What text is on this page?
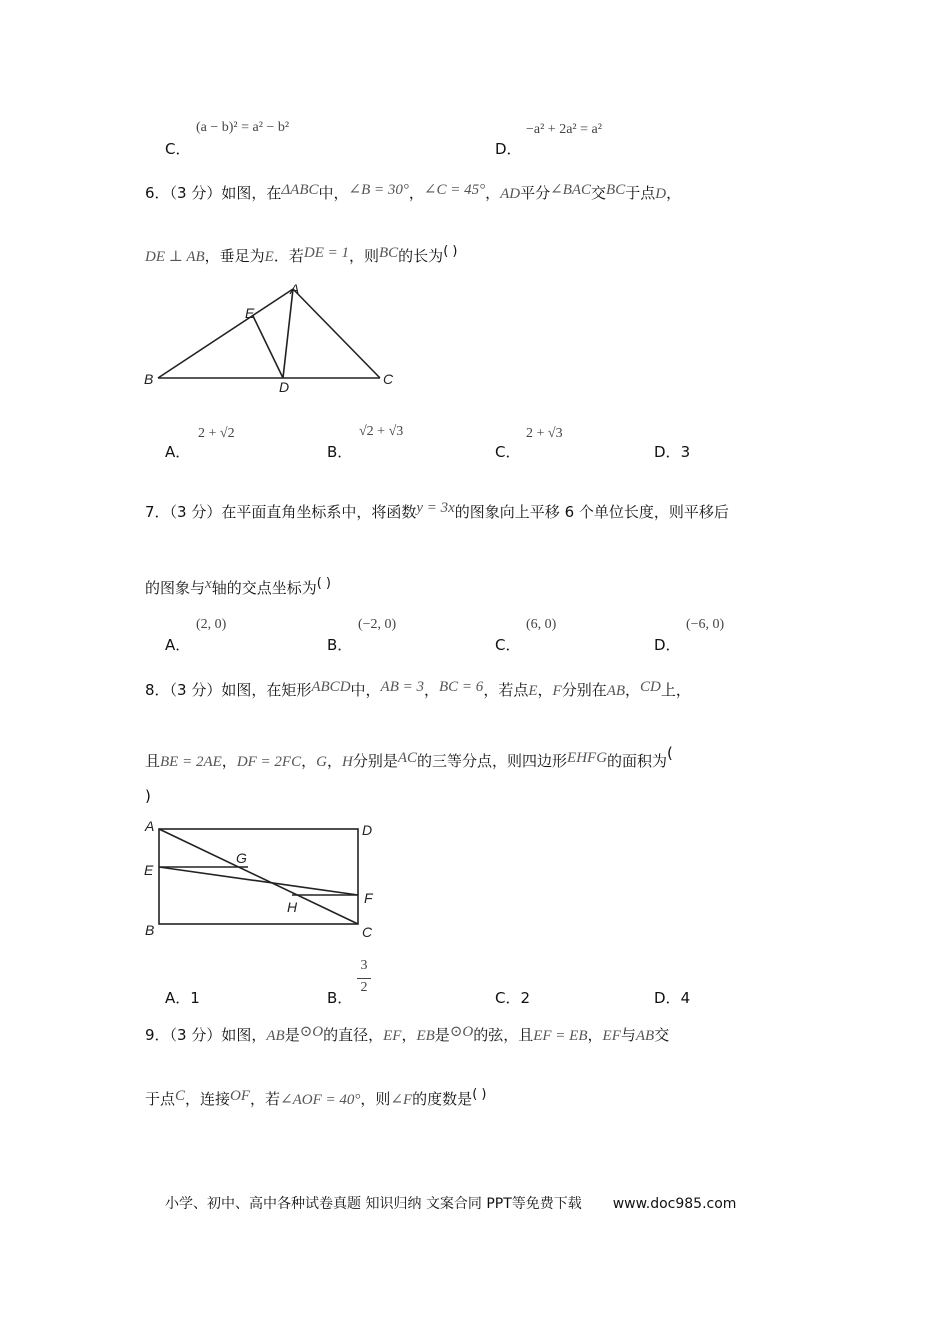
(a − b)² = a² − b²
C．
−a² + 2a² = a²
D．
6．（3 分）如图，在ΔABC中，∠B = 30°，∠C = 45°，AD平分∠BAC交BC于点D，
DE ⊥ AB，垂足为E．若DE = 1，则BC的长为( )
A
B	C
D
E
2 + √2
A．
√2 + √3
B．
2 + √3
C．	D．3
7．（3 分）在平面直角坐标系中，将函数y = 3x的图象向上平移 6 个单位长度，则平移后
的图象与x轴的交点坐标为( )
(2, 0)
A．
(−2, 0)
B．
(6, 0)
C．
(−6, 0)
D．
8．（3 分）如图，在矩形ABCD中，AB = 3，BC = 6，若点E，F分别在AB，CD上，
且BE = 2AE，DF = 2FC，G，H分别是AC的三等分点，则四边形EHFG的面积为(
)
A	D
E
G
F
H
B	C
A．1	B．
3
2
C．2	D．4
9．（3 分）如图，AB是⊙O的直径，EF，EB是⊙O的弦，且EF = EB，EF与AB交
于点C，连接OF，若∠AOF = 40°，则∠F的度数是( )
小学、初中、高中各种试卷真题 知识归纳 文案合同 PPT等免费下载 www.doc985.com
